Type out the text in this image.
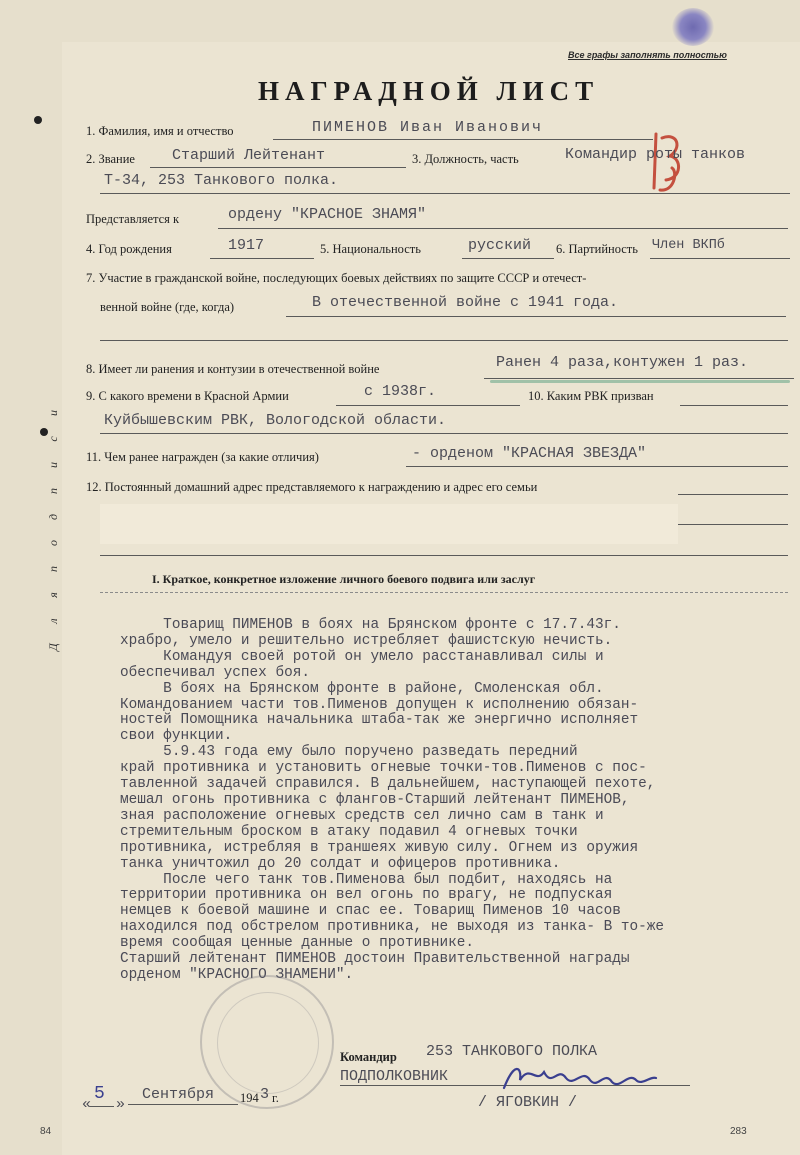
Все графы заполнять полностью
НАГРАДНОЙ ЛИСТ
1. Фамилия, имя и отчество	ПИМЕНОВ Иван Иванович
2. Звание Старший Лейтенант	3. Должность, часть	Командир роты танков
Т-34, 253 Танкового полка.
Представляется к	ордену "КРАСНОЕ ЗНАМЯ"
4. Год рождения	1917	5. Национальность	русский 6. Партийность Член ВКПб
7. Участие в гражданской войне, последующих боевых действиях по защите СССР и отечест-
венной войне (где, когда)	В отечественной войне с 1941 года.
8. Имеет ли ранения и контузии в отечественной войне	Ранен 4 раза,контужен 1 раз.
9. С какого времени в Красной Армии	с 1938г.	10. Каким РВК призван
Куйбышевским РВК, Вологодской области.
11. Чем ранее награжден (за какие отличия)	- орденом "КРАСНАЯ ЗВЕЗДА"
12. Постоянный домашний адрес представляемого к награждению и адрес его семьи
и
с
и
п
д
о
п
я
л
Д
I. Краткое, конкретное изложение личного боевого подвига или заслуг
Товарищ ПИМЕНОВ в боях на Брянском фронте с 17.7.43г.
храбро, умело и решительно истребляет фашистскую нечисть.
Командуя своей ротой он умело расстанавливал силы и
обеспечивал успех боя.
В боях на Брянском фронте в районе, Смоленская обл.
Командованием части тов.Пименов допущен к исполнению обязан-
ностей Помощника начальника штаба-так же энергично исполняет
свои функции.
5.9.43 года ему было поручено разведать передний
край противника и установить огневые точки-тов.Пименов с пос-
тавленной задачей справился. В дальнейшем, наступающей пехоте,
мешал огонь противника с флангов-Старший лейтенант ПИМЕНОВ,
зная расположение огневых средств сел лично сам в танк и
стремительным броском в атаку подавил 4 огневых точки
противника, истребляя в траншеях живую силу. Огнем из оружия
танка уничтожил до 20 солдат и офицеров противника.
После чего танк тов.Пименова был подбит, находясь на
территории противника он вел огонь по врагу, не подпуская
немцев к боевой машине и спас ее. Товарищ Пименов 10 часов
находился под обстрелом противника, не выходя из танка- В то-же
время сообщая ценные данные о противнике.
Старший лейтенант ПИМЕНОВ достоин Правительственной награды
орденом "КРАСНОГО ЗНАМЕНИ".
Командир 253 ТАНКОВОГО ПОЛКА
ПОДПОЛКОВНИК
/ ЯГОВКИН /
«
5
»
Сентября 194 3 г.
84	283
